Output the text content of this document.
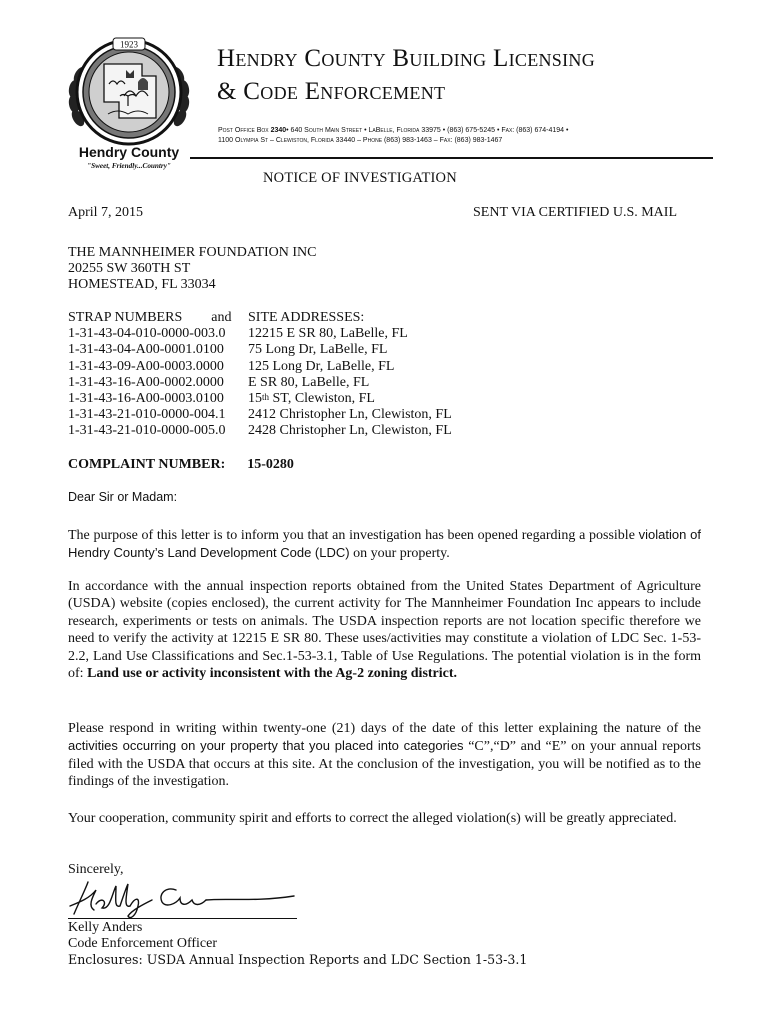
1923
Hendry County
"Sweet, Friendly...Country"
Hendry County Building Licensing
& Code Enforcement
Post Office Box 2340• 640 South Main Street • LaBelle, Florida 33975 • (863) 675-5245 • Fax: (863) 674-4194 •
1100 Olympia St – Clewiston, Florida 33440 – Phone (863) 983-1463 – Fax: (863) 983-1467
NOTICE OF INVESTIGATION
April 7, 2015	SENT VIA CERTIFIED U.S. MAIL
THE MANNHEIMER FOUNDATION INC
20255 SW 360TH ST
HOMESTEAD, FL 33034
STRAP NUMBERS and	SITE ADDRESSES:
1-31-43-04-010-0000-003.0	12215 E SR 80, LaBelle, FL
1-31-43-04-A00-0001.0100	75 Long Dr, LaBelle, FL
1-31-43-09-A00-0003.0000	125 Long Dr, LaBelle, FL
1-31-43-16-A00-0002.0000	E SR 80, LaBelle, FL
1-31-43-16-A00-0003.0100	15th ST, Clewiston, FL
1-31-43-21-010-0000-004.1	2412 Christopher Ln, Clewiston, FL
1-31-43-21-010-0000-005.0	2428 Christopher Ln, Clewiston, FL
COMPLAINT NUMBER: 15-0280
Dear Sir or Madam:
The purpose of this letter is to inform you that an investigation has been opened regarding a possible violation of Hendry County’s Land Development Code (LDC) on your property.
In accordance with the annual inspection reports obtained from the United States Department of Agriculture (USDA) website (copies enclosed), the current activity for The Mannheimer Foundation Inc appears to include research, experiments or tests on animals. The USDA inspection reports are not location specific therefore we need to verify the activity at 12215 E SR 80. These uses/activities may constitute a violation of LDC Sec. 1-53-2.2, Land Use Classifications and Sec.1-53-3.1, Table of Use Regulations. The potential violation is in the form of: Land use or activity inconsistent with the Ag-2 zoning district.
Please respond in writing within twenty-one (21) days of the date of this letter explaining the nature of the activities occurring on your property that you placed into categories “C”,“D” and “E” on your annual reports filed with the USDA that occurs at this site. At the conclusion of the investigation, you will be notified as to the findings of the investigation.
Your cooperation, community spirit and efforts to correct the alleged violation(s) will be greatly appreciated.
Sincerely,
Kelly Anders
Code Enforcement Officer
Enclosures: USDA Annual Inspection Reports and LDC Section 1-53-3.1
